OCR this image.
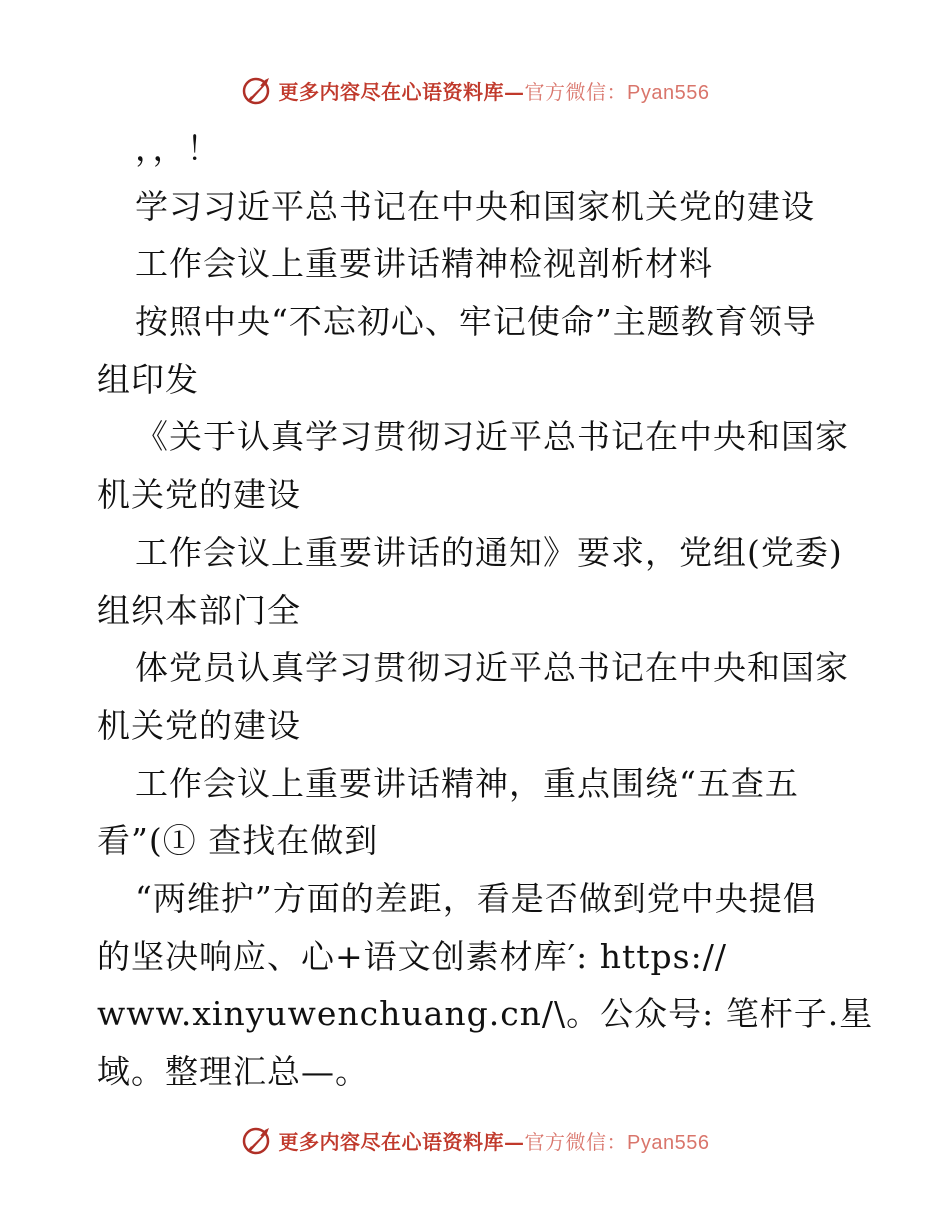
更多内容尽在心语资料库— 官方微信：Pyan556
，，！
学习习近平总书记在中央和国家机关党的建设
工作会议上重要讲话精神检视剖析材料
按照中央“不忘初心、牢记使命”主题教育领导
组印发
《关于认真学习贯彻习近平总书记在中央和国家
机关党的建设
工作会议上重要讲话的通知》要求，党组(党委)
组织本部门全
体党员认真学习贯彻习近平总书记在中央和国家
机关党的建设
工作会议上重要讲话精神，重点围绕“五查五
看”(① 查找在做到
“两维护”方面的差距，看是否做到党中央提倡
的坚决响应、心+语文创素材库′: https://
www.xinyuwenchuang.cn/\。公众号: 笔杆子.星
域。整理汇总—。
更多内容尽在心语资料库— 官方微信：Pyan556
